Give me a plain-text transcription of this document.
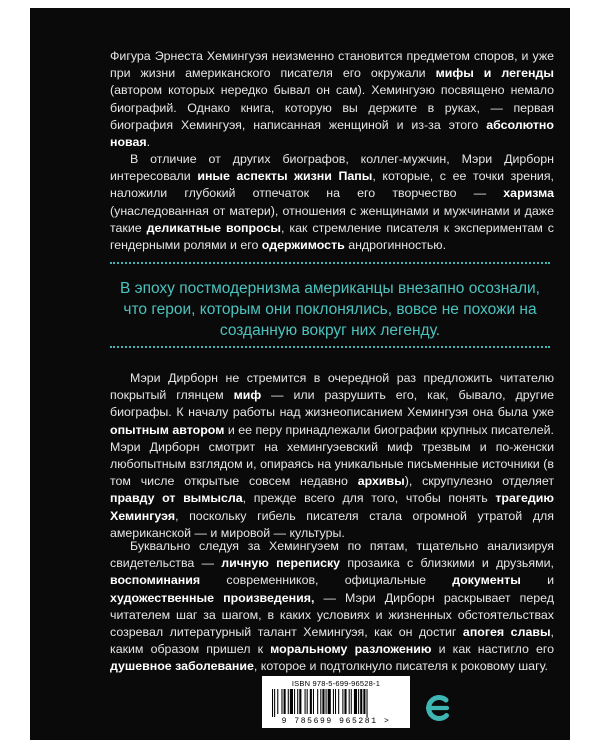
Фигура Эрнеста Хемингуэя неизменно становится предметом споров, и уже при жизни американского писателя его окружали мифы и легенды (автором которых нередко бывал он сам). Хемингуэю посвящено немало биографий. Однако книга, которую вы держите в руках, — первая биография Хемингуэя, написанная женщиной и из-за этого абсолютно новая.

В отличие от других биографов, коллег-мужчин, Мэри Дирборн интересовали иные аспекты жизни Папы, которые, с ее точки зрения, наложили глубокий отпечаток на его творчество — харизма (унаследованная от матери), отношения с женщинами и мужчинами и даже такие деликатные вопросы, как стремление писателя к экспериментам с гендерными ролями и его одержимость андрогинностью.

В эпоху постмодернизма американцы внезапно осознали, что герои, которым они поклонялись, вовсе не похожи на созданную вокруг них легенду.

Мэри Дирборн не стремится в очередной раз предложить читателю покрытый глянцем миф — или разрушить его, как, бывало, другие биографы. К началу работы над жизнеописанием Хемингуэя она была уже опытным автором и ее перу принадлежали биографии крупных писателей. Мэри Дирборн смотрит на хемингуэевский миф трезвым и по-женски любопытным взглядом и, опираясь на уникальные письменные источники (в том числе открытые совсем недавно архивы), скрупулезно отделяет правду от вымысла, прежде всего для того, чтобы понять трагедию Хемингуэя, поскольку гибель писателя стала огромной утратой для американской — и мировой — культуры.

Буквально следуя за Хемингуэем по пятам, тщательно анализируя свидетельства — личную переписку прозаика с близкими и друзьями, воспоминания современников, официальные документы и художественные произведения, — Мэри Дирборн раскрывает перед читателем шаг за шагом, в каких условиях и жизненных обстоятельствах созревал литературный талант Хемингуэя, как он достиг апогея славы, каким образом пришел к моральному разложению и как настигло его душевное заболевание, которое и подтолкнуло писателя к роковому шагу.

ISBN 978-5-699-96528-1
9 785699 965281 >
